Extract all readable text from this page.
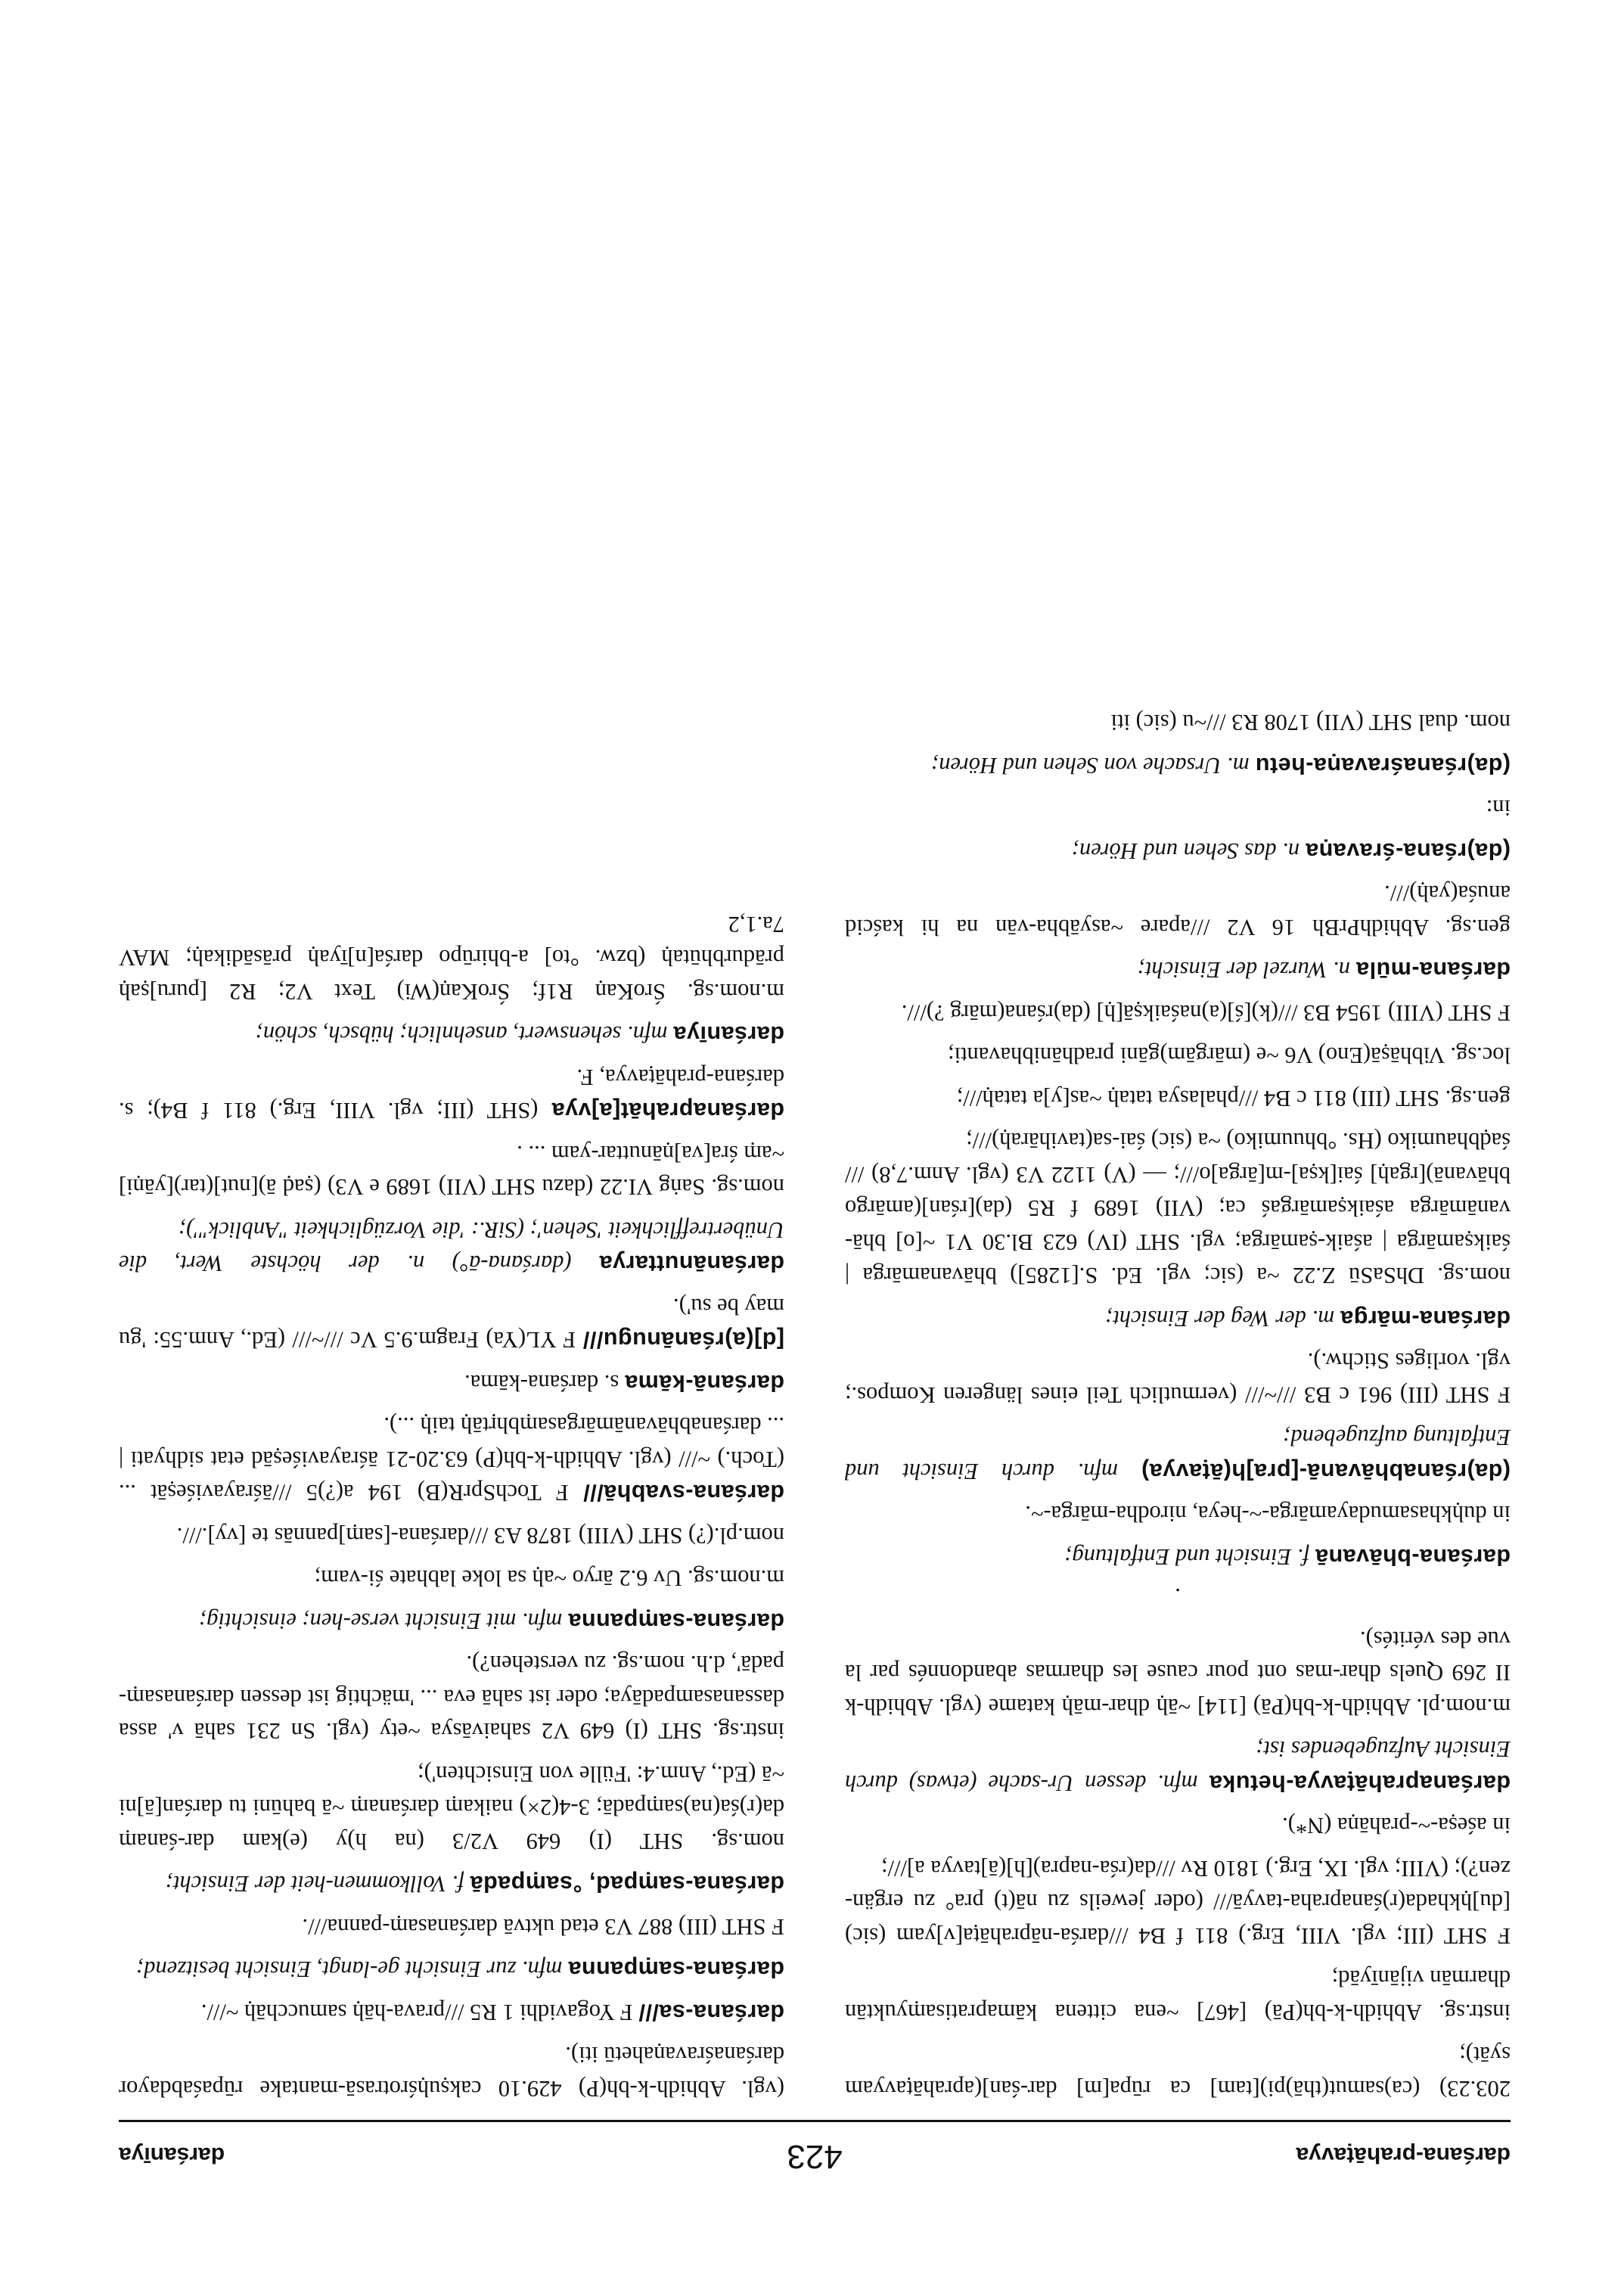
darśana-prahāṭavya
423
darśanīya
203.23) (ca)samut(thā)pi)[tam] ca rūpa[m] dar-śan](aprahāṭavyam syāt);
instr.sg. Abhidh-k-bh(Pā) [467] ~ena cittena kāmapratisaṃyuktān dharmān vijānīyād;
F SHT (III; vgl. VIII, Erg.) 811 f B4 ///darśa-nāprahāṭa[v]yam (sic) [du]ḥkhada(r)śanapraha-tavyā/// (oder jeweils zu nā(t) pra° zu ergän-zen?); (VIII; vgl. IX, Erg.) 1810 Rv ///da(rśa-napra)[h](ā]tavya a]///;
in aśeṣa-~-prahāṇa (N*).
darśanaprahāṭavya-hetuka mfn. dessen Ur-sache (etwas) durch Einsicht Aufzugebendes ist;
m.nom.pl. Abhidh-k-bh(Pā) [114] ~āḥ dhar-māḥ katame (vgl. Abhidh-k II 269 Quels dhar-mas ont pour cause les dharmas abandonnés par la vue des vérités).
.
darśana-bhāvanā f. Einsicht und Entfaltung;
in duḥkhasamudayamārga-~-heya, nirodha-mārga-~.
(da)rśanabhāvanā-[pra]h(āṭavya) mfn. durch Einsicht und Entfaltung aufzugebend;
F SHT (III) 961 c B3 ///~/// (vermutlich Teil eines längeren Kompos.; vgl. vorliges Stichw.).
darśana-mārga m. der Weg der Einsicht;
nom.sg. DhSaSū Z.22 ~a (sic; vgl. Ed. S.[1285]) bhāvanamārga | śaikṣamārga | aśaik-ṣamārga; vgl. SHT (IV) 623 Bl.30 V1 ~[o] bhā-vanāmārga aśaikṣamārgaś ca; (VII) 1689 f R5 (da)[rśan](amārgo bhāvanā)[rgaḥ] śai[kṣa]-m[ārga]o///; — (V) 1122 V3 (vgl. Anm.7,8) ///śaḍbhaumiko (Hs. °bhuumiko) ~a (sic) śai-sa(tavihāraḥ)///;
gen.sg. SHT (III) 811 c B4 ///phalasya tataḥ ~as[y]a tataḥ///;
loc.sg. Vibhāṣā(Eno) V6 ~e (mārgām)gāni pradhānibhavanti;
F SHT (VIII) 1954 B3 ///(k)[ś](a)naśaikṣā[ḥ] (da)rśana(mārg ?)///.
darśana-mūla n. Wurzel der Einsicht;
gen.sg. AbhidhPrBh 16 V2 ///apare ~asyābha-vān na hi kaścid anuśa(yaḥ)///.
(da)rśana-śravaṇa n. das Sehen und Hören;
in:
(da)rśanaśravaṇa-hetu m. Ursache von Sehen und Hören;
nom. dual SHT (VII) 1708 R3 ///~u (sic) iti
(vgl. Abhidh-k-bh(P) 429.10 cakṣuḥśrotrasā-mantake rūpaśabdayor darśanaśravaṇahetū iti).
darśana-sa/// F Yogavidhi 1 R5 ///prava-hāḥ samucchāḥ ~///.
darśana-saṃpanna mfn. zur Einsicht ge-langt, Einsicht besitzend;
F SHT (III) 887 V3 etad uktvā darśanasaṃ-panna///.
darśana-saṃpad, °saṃpadā f. Vollkommen-heit der Einsicht;
nom.sg. SHT (I) 649 V2/3 (na h)y (e)kam dar-śanaṃ da(r)śa(na)saṃpadā; 3-4(2×) naikaṃ darśanaṃ ~ā bahūni tu darśan[ā]ni ~ā (Ed., Anm.4: 'Fülle von Einsichten');
instr.sg. SHT (I) 649 V2 sahaivāsya ~ety (vgl. Sn 231 sahā v' assa dassanasampadāya; oder ist sahā eva ... 'mächtig ist dessen darśanasaṃ-padā', d.h. nom.sg. zu verstehen?).
darśana-saṃpanna mfn. mit Einsicht verse-hen; einsichtig;
m.nom.sg. Uv 6.2 āryo ~aḥ sa loke labhate śi-vam;
nom.pl.(?) SHT (VIII) 1878 A3 ///darśana-[saṃ]pannās te [vy].///.
darśana-svabhā/// F TochSprR(B) 194 a(?)5 ///āśrayaviśeṣāt ... (Toch.) ~/// (vgl. Abhidh-k-bh(P) 63.20-21 āśrayaviśeṣād etat sidhyati | ... darśanabhāvanāmārgasaṃbhṛtāḥ taiḥ ...).
darśanā-kāma s. darśana-kāma.
[d](a)rśanānugu/// F YL(Ya) Fragm.9.5 Vc ///~/// (Ed., Anm.55: 'gu may be su').
darśanānuttarya (darśana-ā°) n. der höchste Wert, die Unübertrefflichkeit 'Sehen'; (SiR.: 'die Vorzüglichkeit "Anblick"');
nom.sg. Saṅg VI.22 (dazu SHT (VII) 1689 e V3) (ṣaḍ ā)[nut](tar)[yāṇi] ~aṃ śra[va]ṇānuttar-yam ... .
darśanaprahāt[a]vya (SHT (III; vgl. VIII, Erg.) 811 f B4); s. darśana-prahāṭavya, F.
darśanīya mfn. sehenswert, ansehnlich; hübsch, schön;
m.nom.sg. ŚroKaṇ R1f; ŚroKaṇ(Wi) Text V2; R2 [puru]ṣaḥ prādurbhūtaḥ (bzw. °to] a-bhirūpo darśa[n]īyaḥ prāsādikaḥ; MAV 7a.1,2
